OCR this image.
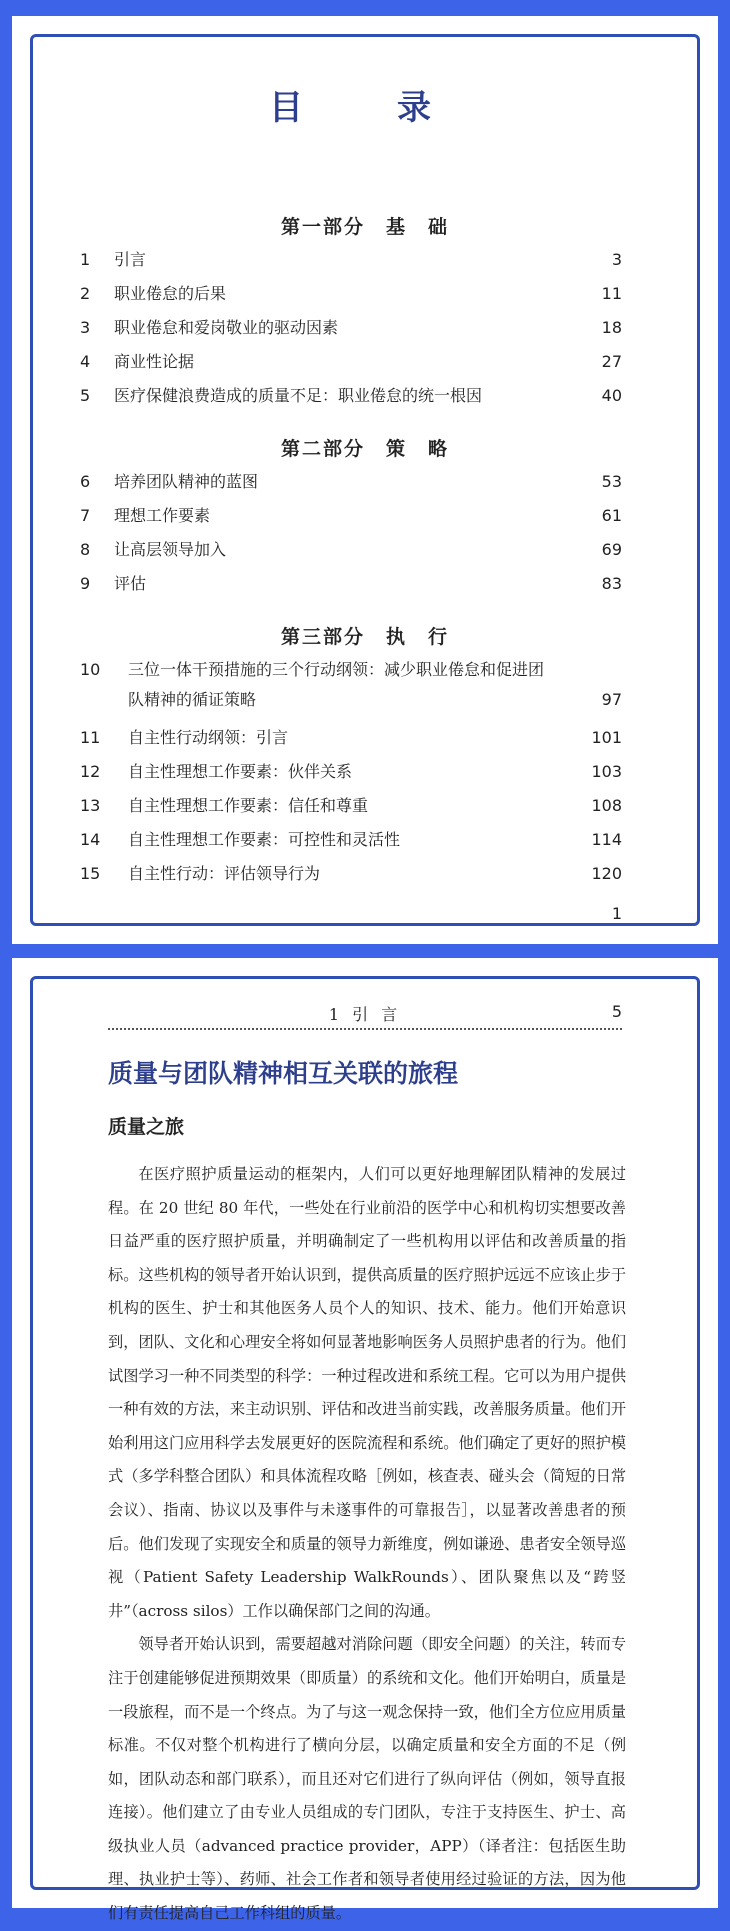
目　录
第一部分　基　础
1	引言	3
2	职业倦怠的后果	11
3	职业倦怠和爱岗敬业的驱动因素	18
4	商业性论据	27
5	医疗保健浪费造成的质量不足：职业倦怠的统一根因	40
第二部分　策　略
6	培养团队精神的蓝图	53
7	理想工作要素	61
8	让高层领导加入	69
9	评估	83
第三部分　执　行
10	三位一体干预措施的三个行动纲领：减少职业倦怠和促进团
队精神的循证策略	97
11	自主性行动纲领：引言	101
12	自主性理想工作要素：伙伴关系	103
13	自主性理想工作要素：信任和尊重	108
14	自主性理想工作要素：可控性和灵活性	114
15	自主性行动：评估领导行为	120
1
1 引 言	5
质量与团队精神相互关联的旅程
质量之旅

在医疗照护质量运动的框架内，人们可以更好地理解团队精神的发展过程。在 20 世纪 80 年代，一些处在行业前沿的医学中心和机构切实想要改善日益严重的医疗照护质量，并明确制定了一些机构用以评估和改善质量的指标。这些机构的领导者开始认识到，提供高质量的医疗照护远远不应该止步于机构的医生、护士和其他医务人员个人的知识、技术、能力。他们开始意识到，团队、文化和心理安全将如何显著地影响医务人员照护患者的行为。他们试图学习一种不同类型的科学：一种过程改进和系统工程。它可以为用户提供一种有效的方法，来主动识别、评估和改进当前实践，改善服务质量。他们开始利用这门应用科学去发展更好的医院流程和系统。他们确定了更好的照护模式（多学科整合团队）和具体流程攻略［例如，核查表、碰头会（简短的日常会议）、指南、协议以及事件与未遂事件的可靠报告］，以显著改善患者的预后。他们发现了实现安全和质量的领导力新维度，例如谦逊、患者安全领导巡视（Patient Safety Leadership WalkRounds）、团队聚焦以及“跨竖井”（across silos）工作以确保部门之间的沟通。

领导者开始认识到，需要超越对消除问题（即安全问题）的关注，转而专注于创建能够促进预期效果（即质量）的系统和文化。他们开始明白，质量是一段旅程，而不是一个终点。为了与这一观念保持一致，他们全方位应用质量标准。不仅对整个机构进行了横向分层，以确定质量和安全方面的不足（例如，团队动态和部门联系），而且还对它们进行了纵向评估（例如，领导直报连接）。他们建立了由专业人员组成的专门团队，专注于支持医生、护士、高级执业人员（advanced practice provider，APP）（译者注：包括医生助理、执业护士等）、药师、社会工作者和领导者使用经过验证的方法，因为他们有责任提高自己工作科组的质量。
